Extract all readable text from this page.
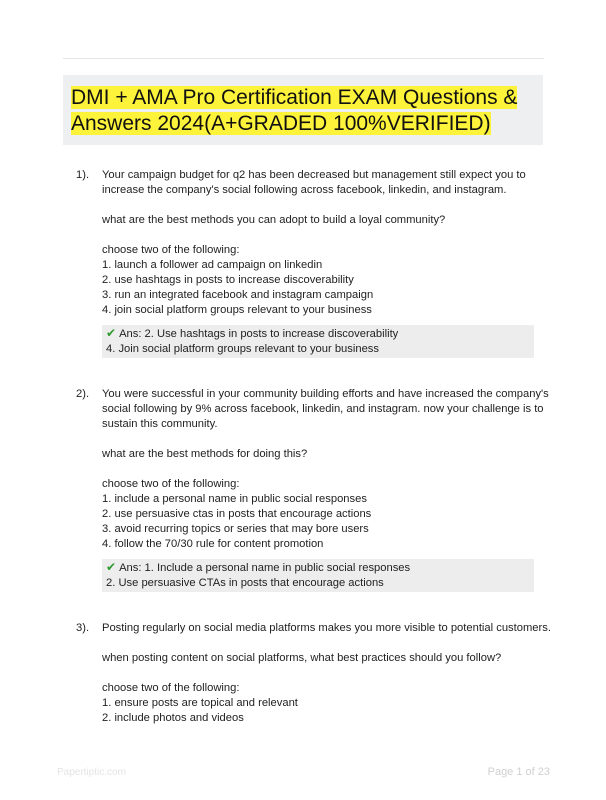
DMI + AMA Pro Certification EXAM Questions & Answers 2024(A+GRADED 100%VERIFIED)
1). Your campaign budget for q2 has been decreased but management still expect you to
increase the company's social following across facebook, linkedin, and instagram.
what are the best methods you can adopt to build a loyal community?
choose two of the following:
1. launch a follower ad campaign on linkedin
2. use hashtags in posts to increase discoverability
3. run an integrated facebook and instagram campaign
4. join social platform groups relevant to your business
✔ Ans: 2. Use hashtags in posts to increase discoverability
4. Join social platform groups relevant to your business
2). You were successful in your community building efforts and have increased the company's
social following by 9% across facebook, linkedin, and instagram. now your challenge is to
sustain this community.
what are the best methods for doing this?
choose two of the following:
1. include a personal name in public social responses
2. use persuasive ctas in posts that encourage actions
3. avoid recurring topics or series that may bore users
4. follow the 70/30 rule for content promotion
✔ Ans: 1. Include a personal name in public social responses
2. Use persuasive CTAs in posts that encourage actions
3). Posting regularly on social media platforms makes you more visible to potential customers.
when posting content on social platforms, what best practices should you follow?
choose two of the following:
1. ensure posts are topical and relevant
2. include photos and videos
Papertiptic.com	Page 1 of 23
